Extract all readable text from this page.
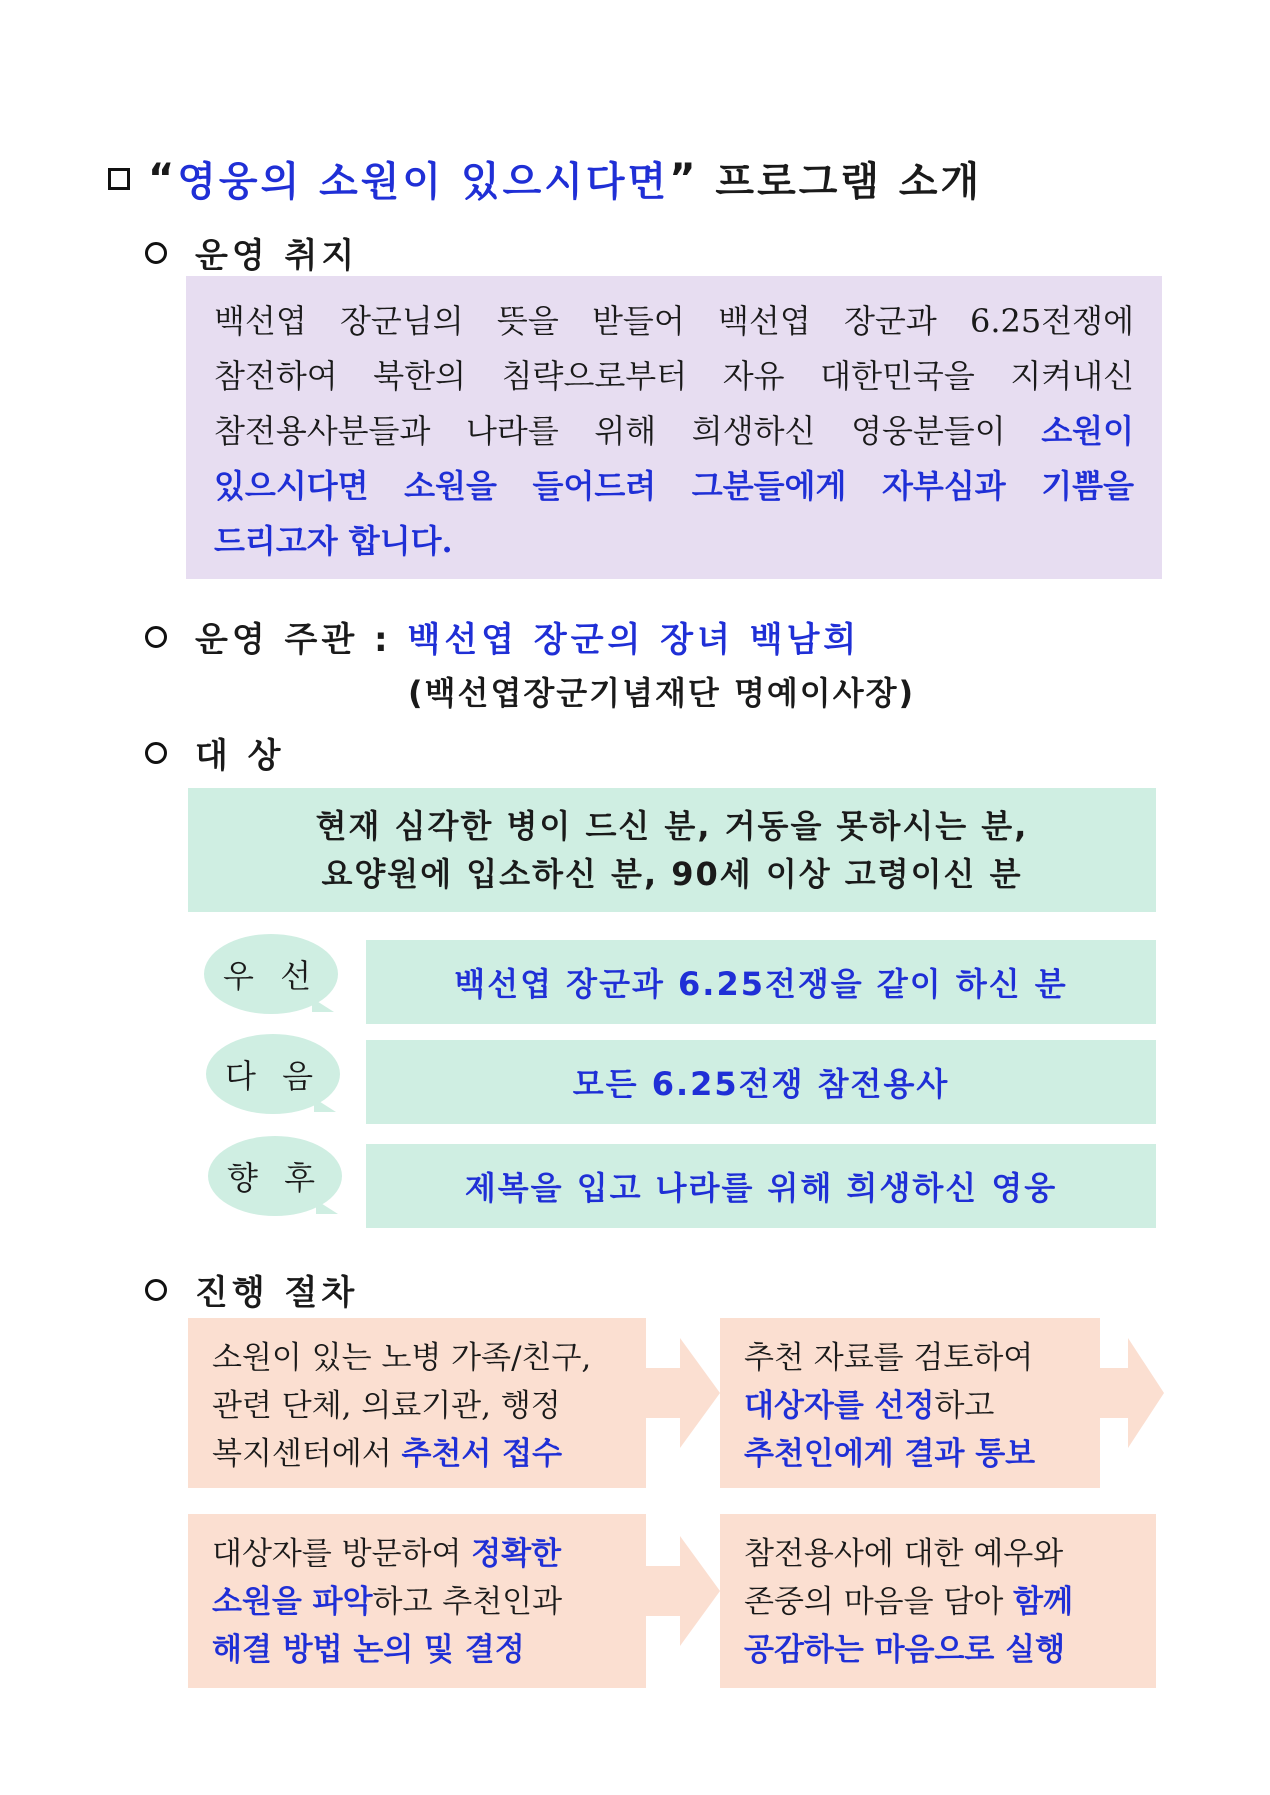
“ 영웅의 소원이 있으시다면 ” 프로그램 소개
운영 취지

백선엽 장군님의 뜻을 받들어 백선엽 장군과 6.25전쟁에

참전하여 북한의 침략으로부터 자유 대한민국을 지켜내신

참전용사분들과 나라를 위해 희생하신 영웅분들이 소원이

있으시다면 소원을 들어드려 그분들에게 자부심과 기쁨을

드리고자 합니다.

운영 주관 : 백선엽 장군의 장녀 백남희
(백선엽장군기념재단 명예이사장)
대 상
현재 심각한 병이 드신 분, 거동을 못하시는 분,
요양원에 입소하신 분, 90세 이상 고령이신 분
우 선	백선엽 장군과 6.25전쟁을 같이 하신 분
다 음	모든 6.25전쟁 참전용사
향 후	제복을 입고 나라를 위해 희생하신 영웅
진행 절차
소원이 있는 노병 가족/친구,
관련 단체, 의료기관, 행정
복지센터에서 추천서 접수
추천 자료를 검토하여
대상자를 선정하고
추천인에게 결과 통보
대상자를 방문하여 정확한
소원을 파악하고 추천인과
해결 방법 논의 및 결정
참전용사에 대한 예우와
존중의 마음을 담아 함께
공감하는 마음으로 실행
